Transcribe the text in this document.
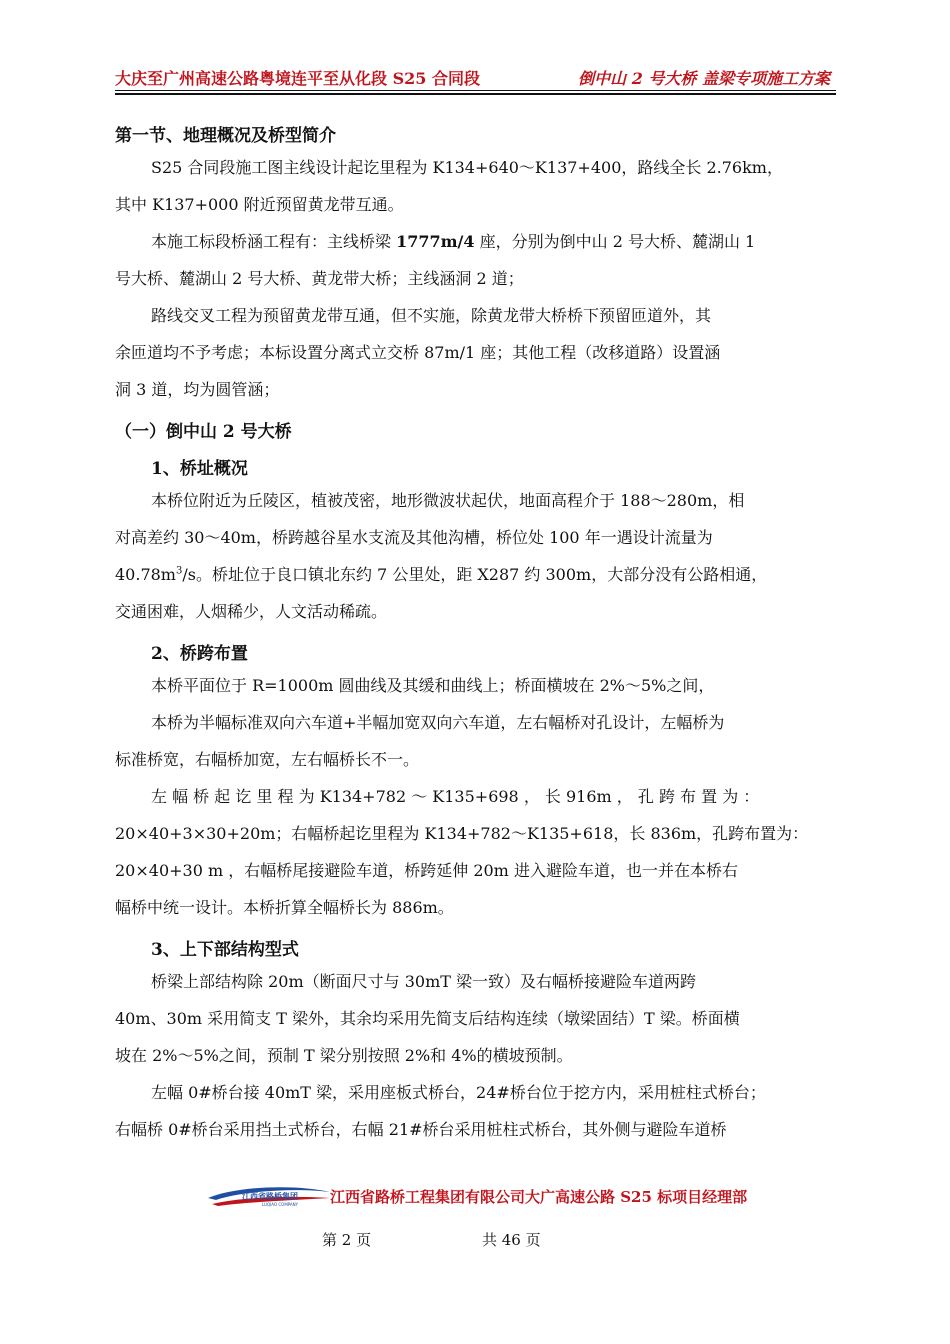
大庆至广州高速公路粤境连平至从化段 S25 合同段	倒中山 2 号大桥 盖梁专项施工方案
第一节、地理概况及桥型简介
S25 合同段施工图主线设计起讫里程为 K134+640～K137+400，路线全长 2.76km，
其中 K137+000 附近预留黄龙带互通。
本施工标段桥涵工程有：主线桥梁 1777m/4 座，分别为倒中山 2 号大桥、麓湖山 1
号大桥、麓湖山 2 号大桥、黄龙带大桥；主线涵洞 2 道；
路线交叉工程为预留黄龙带互通，但不实施，除黄龙带大桥桥下预留匝道外，其
余匝道均不予考虑；本标设置分离式立交桥 87m/1 座；其他工程（改移道路）设置涵
洞 3 道，均为圆管涵；
（一）倒中山 2 号大桥
1、桥址概况
本桥位附近为丘陵区，植被茂密，地形微波状起伏，地面高程介于 188～280m，相
对高差约 30～40m，桥跨越谷星水支流及其他沟槽，桥位处 100 年一遇设计流量为
$40.78m^3/s$。桥址位于良口镇北东约 7 公里处，距 X287 约 300m，大部分没有公路相通，
交通困难，人烟稀少，人文活动稀疏。
2、桥跨布置
本桥平面位于 R=1000m 圆曲线及其缓和曲线上；桥面横坡在 2%～5%之间，
本桥为半幅标准双向六车道+半幅加宽双向六车道，左右幅桥对孔设计，左幅桥为
标准桥宽，右幅桥加宽，左右幅桥长不一。
左 幅 桥 起 讫 里 程 为 K134+782 ～ K135+698 ， 长 916m ， 孔 跨 布 置 为 ：
20×40+3×30+20m；右幅桥起讫里程为 K134+782～K135+618，长 836m，孔跨布置为：
20×40+30 m ，右幅桥尾接避险车道，桥跨延伸 20m 进入避险车道，也一并在本桥右
幅桥中统一设计。本桥折算全幅桥长为 886m。
3、上下部结构型式
桥梁上部结构除 20m（断面尺寸与 30mT 梁一致）及右幅桥接避险车道两跨
40m、30m 采用简支 T 梁外，其余均采用先简支后结构连续（墩梁固结）T 梁。桥面横
坡在 2%～5%之间，预制 T 梁分别按照 2%和 4%的横坡预制。
左幅 0#桥台接 40mT 梁，采用座板式桥台，24#桥台位于挖方内，采用桩柱式桥台；
右幅桥 0#桥台采用挡土式桥台，右幅 21#桥台采用桩柱式桥台，其外侧与避险车道桥
江西省路桥集团
LUQIAO COMPANY 江西省路桥工程集团有限公司大广高速公路 S25 标项目经理部
第 2 页	共 46 页
